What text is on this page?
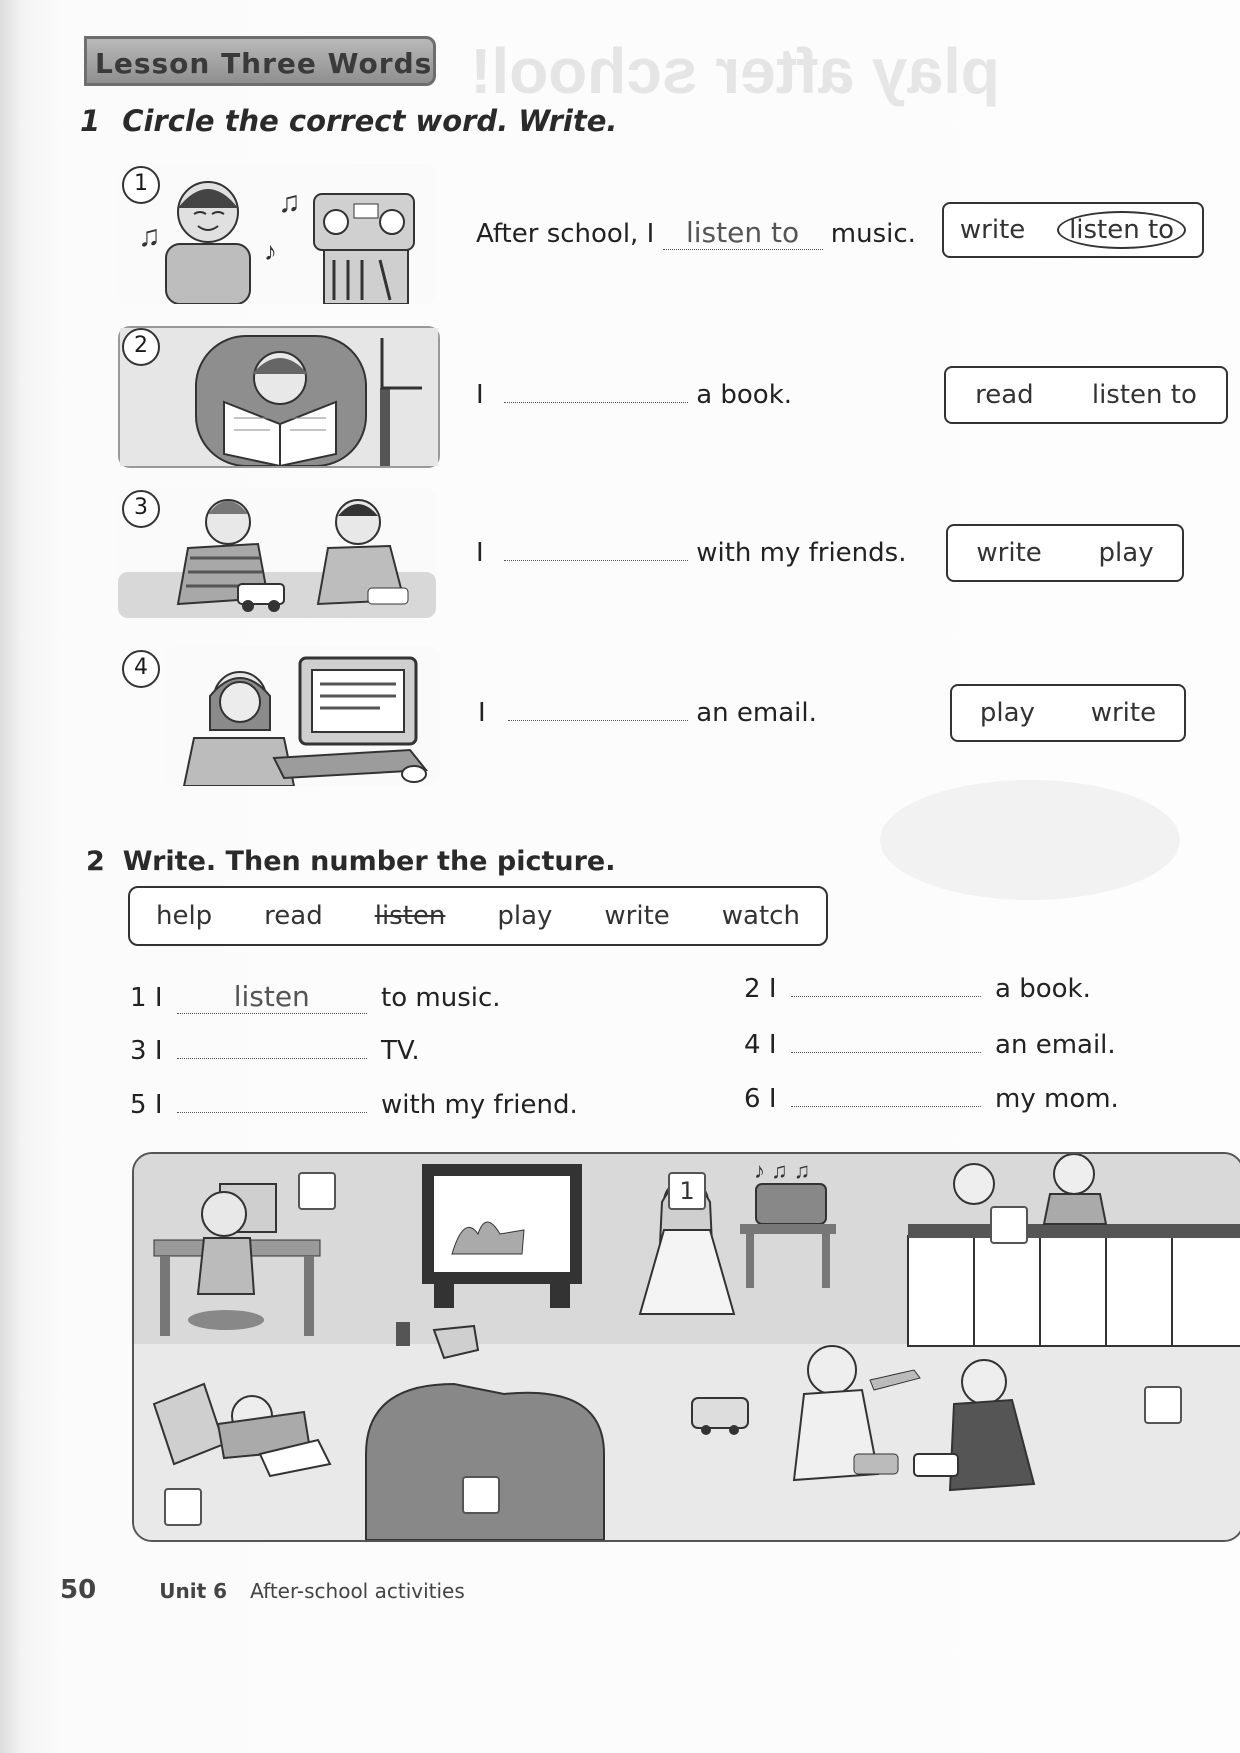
play after school!
Lesson Three Words
1 Circle the correct word. Write.
♫
♫
♪
1
2
3
4
After school, I listen to music.
I	a book.
I	with my friends.
I	an email.
write	listen to
read listen to
write play
play write
2 Write. Then number the picture.
help read listen play write watch
1 I	listen	to music.
3 I	TV.
5 I	with my friend.
2 I	a book.
4 I	an email.
6 I	my mom.
♪ ♫ ♫
1
50	Unit 6 After-school activities
